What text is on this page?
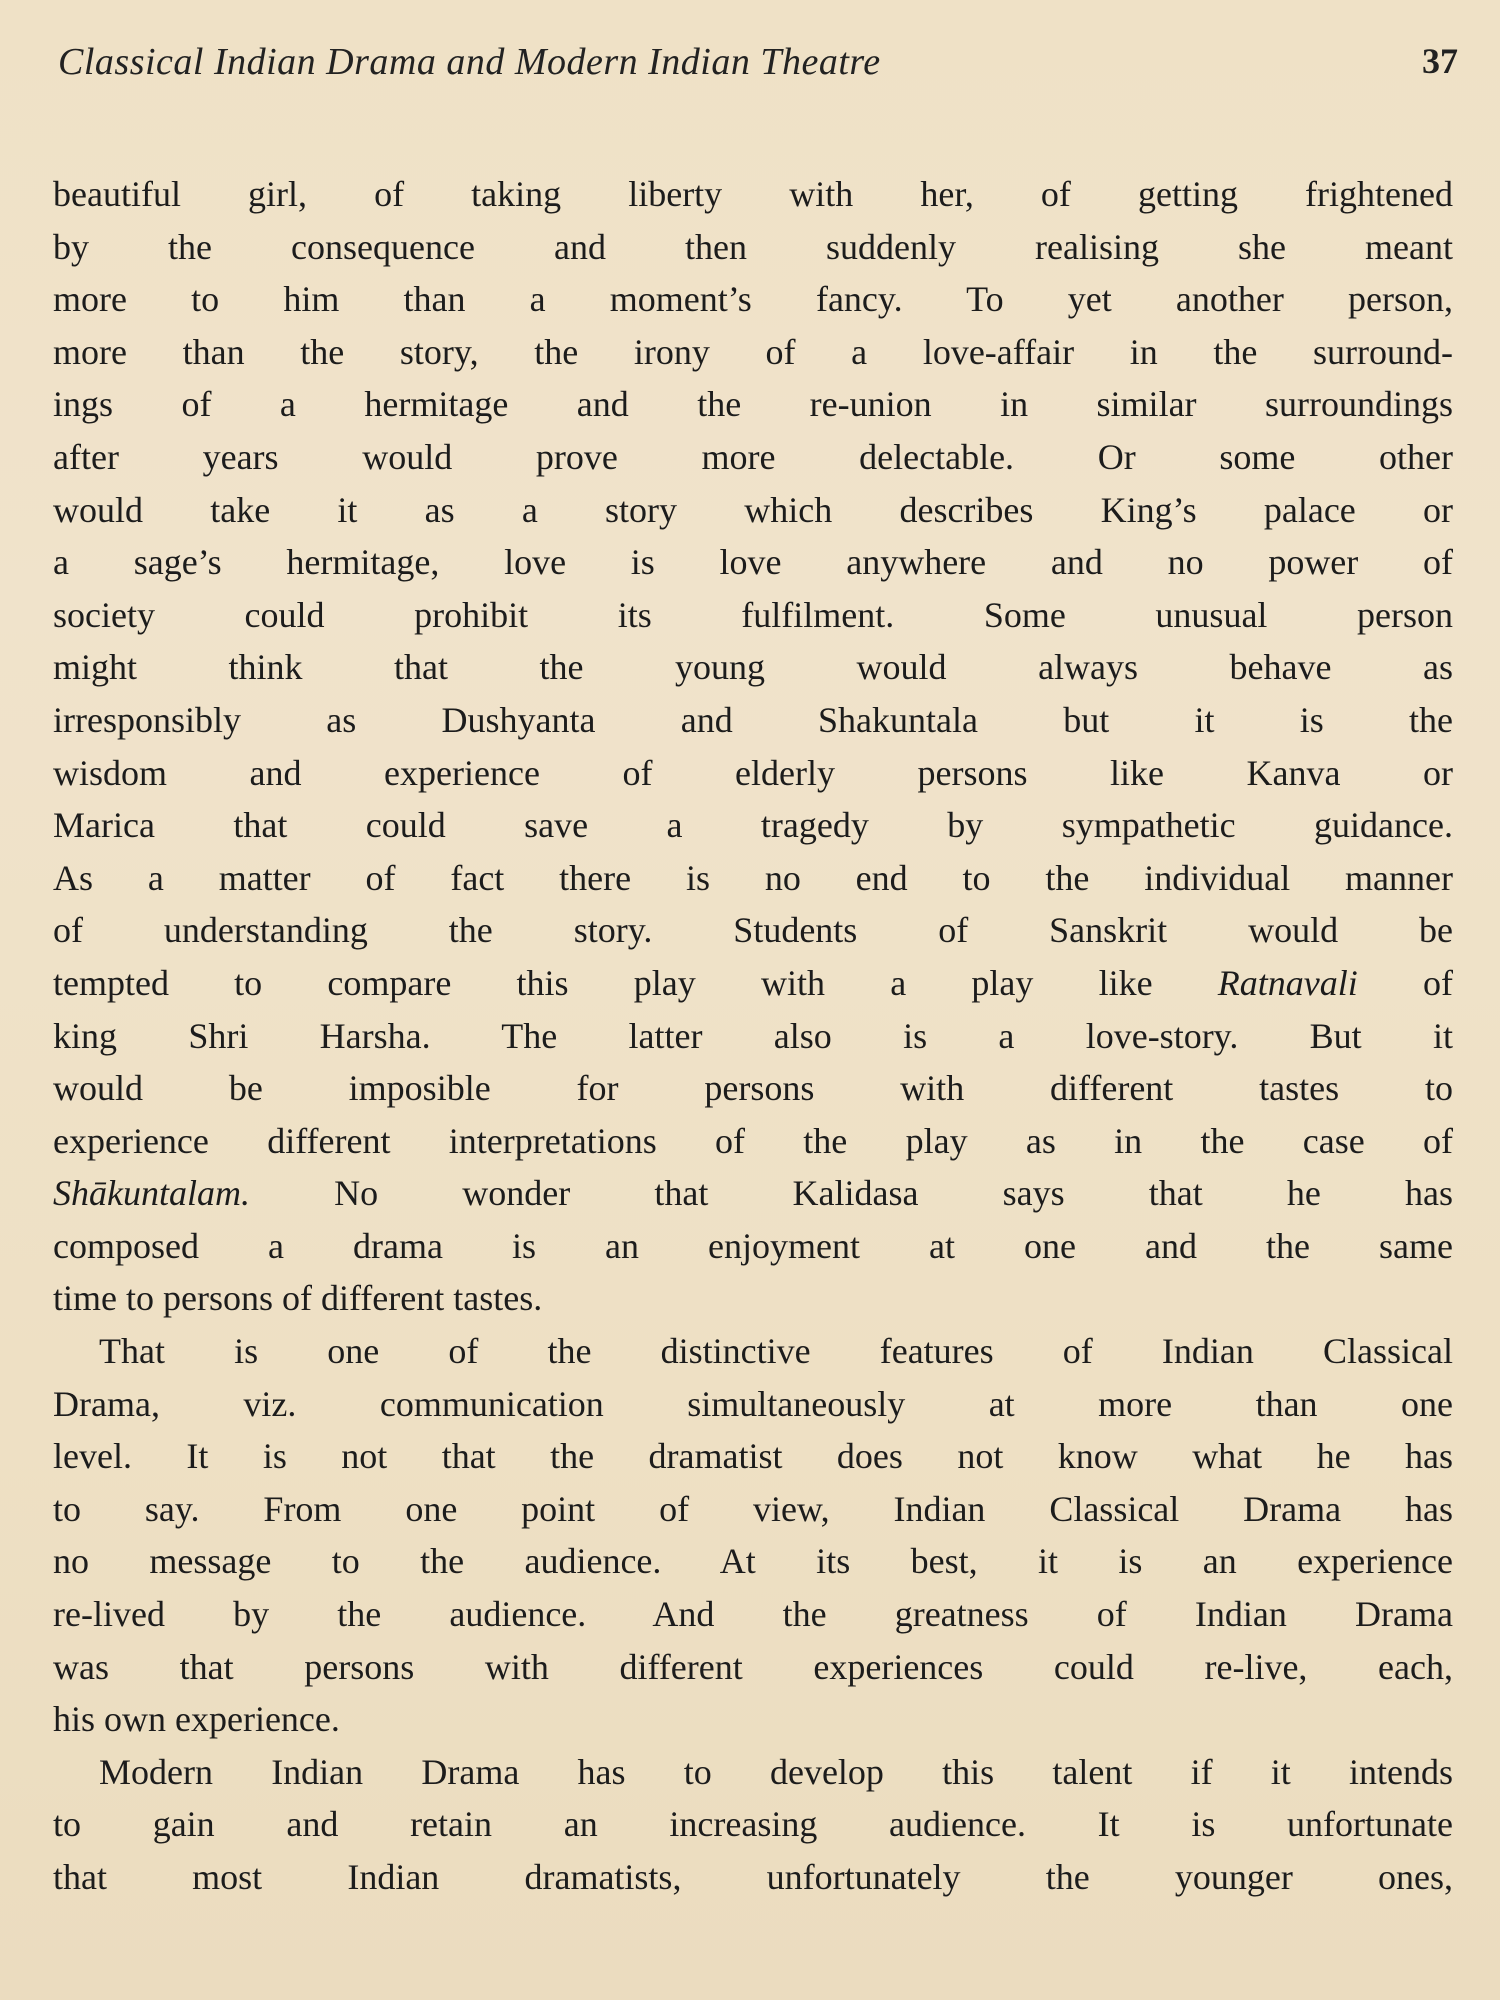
Classical Indian Drama and Modern Indian Theatre	37
beautiful girl, of taking liberty with her, of getting frightened
by the consequence and then suddenly realising she meant
more to him than a moment’s fancy. To yet another person,
more than the story, the irony of a love-affair in the surround-
ings of a hermitage and the re-union in similar surroundings
after years would prove more delectable. Or some other
would take it as a story which describes King’s palace or
a sage’s hermitage, love is love anywhere and no power of
society could prohibit its fulfilment. Some unusual person
might think that the young would always behave as
irresponsibly as Dushyanta and Shakuntala but it is the
wisdom and experience of elderly persons like Kanva or
Marica that could save a tragedy by sympathetic guidance.
As a matter of fact there is no end to the individual manner
of understanding the story. Students of Sanskrit would be
tempted to compare this play with a play like Ratnavali of
king Shri Harsha. The latter also is a love-story. But it
would be imposible for persons with different tastes to
experience different interpretations of the play as in the case of
Shākuntalam. No wonder that Kalidasa says that he has
composed a drama is an enjoyment at one and the same
time to persons of different tastes.
That is one of the distinctive features of Indian Classical
Drama, viz. communication simultaneously at more than one
level. It is not that the dramatist does not know what he has
to say. From one point of view, Indian Classical Drama has
no message to the audience. At its best, it is an experience
re-lived by the audience. And the greatness of Indian Drama
was that persons with different experiences could re-live, each,
his own experience.
Modern Indian Drama has to develop this talent if it intends
to gain and retain an increasing audience. It is unfortunate
that most Indian dramatists, unfortunately the younger ones,
